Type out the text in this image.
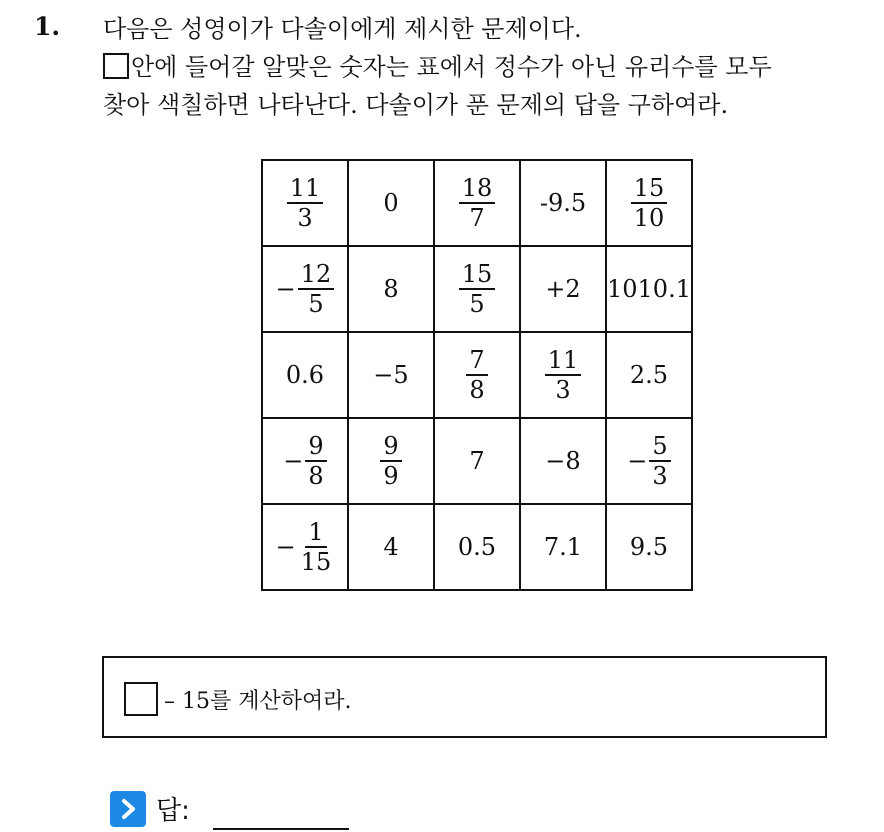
1. 다음은 성영이가 다솔이에게 제시한 문제이다.
안에 들어갈 알맞은 숫자는 표에서 정수가 아닌 유리수를 모두
찾아 색칠하면 나타난다. 다솔이가 푼 문제의 답을 구하여라.
$\frac{11}{3}$	0	$\frac{18}{7}$	-9.5	$\frac{15}{10}$

− $\frac{12}{5}$	8	$\frac{15}{5}$	+2	1010.1
0.6	−5	$\frac{7}{8}$	$\frac{11}{3}$	2.5

− $\frac{9}{8}$	$\frac{9}{9}$	7	−8	− $\frac{5}{3}$

− $\frac{1}{15}$	4	0.5	7.1	9.5
– 15를 계산하여라.
답:
